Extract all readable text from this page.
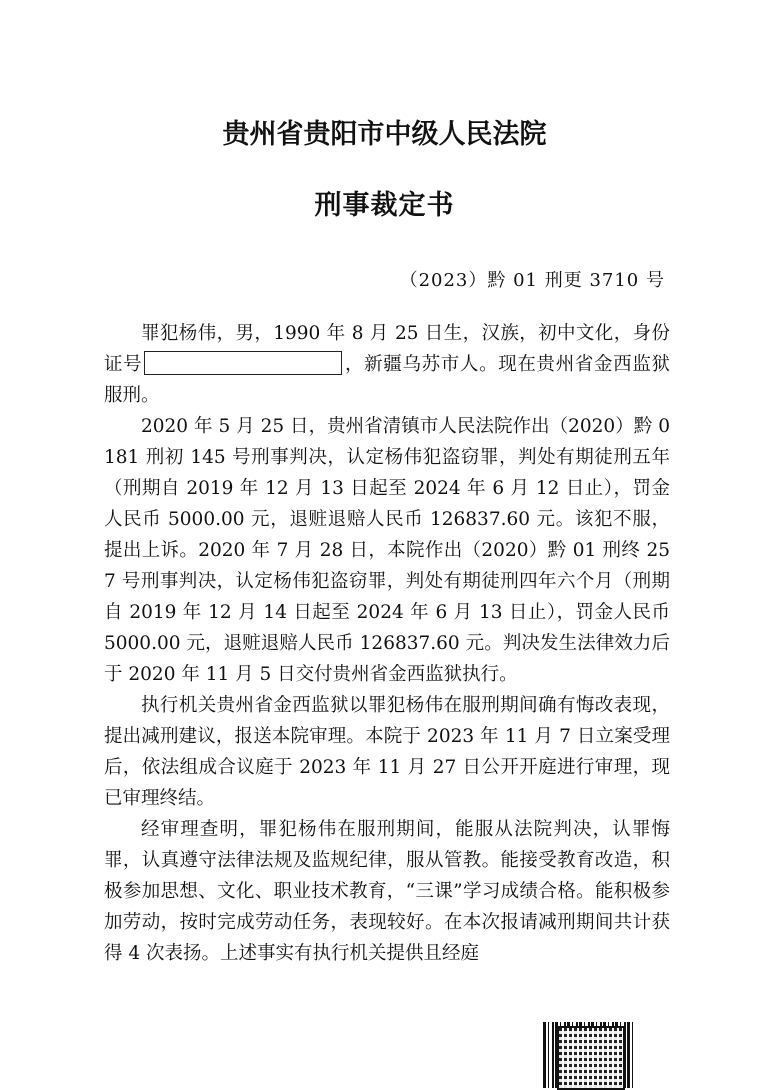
贵州省贵阳市中级人民法院
刑事裁定书
（2023）黔 01 刑更 3710 号

罪犯杨伟，男，1990 年 8 月 25 日生，汉族，初中文化，身份证号	，新疆乌苏市人。现在贵州省金西监狱服刑。

2020 年 5 月 25 日，贵州省清镇市人民法院作出（2020）黔 0181 刑初 145 号刑事判决，认定杨伟犯盗窃罪，判处有期徒刑五年（刑期自 2019 年 12 月 13 日起至 2024 年 6 月 12 日止），罚金人民币 5000.00 元，退赃退赔人民币 126837.60 元。该犯不服，提出上诉。2020 年 7 月 28 日，本院作出（2020）黔 01 刑终 257 号刑事判决，认定杨伟犯盗窃罪，判处有期徒刑四年六个月（刑期自 2019 年 12 月 14 日起至 2024 年 6 月 13 日止），罚金人民币 5000.00 元，退赃退赔人民币 126837.60 元。判决发生法律效力后于 2020 年 11 月 5 日交付贵州省金西监狱执行。

执行机关贵州省金西监狱以罪犯杨伟在服刑期间确有悔改表现，提出减刑建议，报送本院审理。本院于 2023 年 11 月 7 日立案受理后，依法组成合议庭于 2023 年 11 月 27 日公开开庭进行审理，现已审理终结。

经审理查明，罪犯杨伟在服刑期间，能服从法院判决，认罪悔罪，认真遵守法律法规及监规纪律，服从管教。能接受教育改造，积极参加思想、文化、职业技术教育，“三课”学习成绩合格。能积极参加劳动，按时完成劳动任务，表现较好。在本次报请减刑期间共计获得 4 次表扬。上述事实有执行机关提供且经庭
